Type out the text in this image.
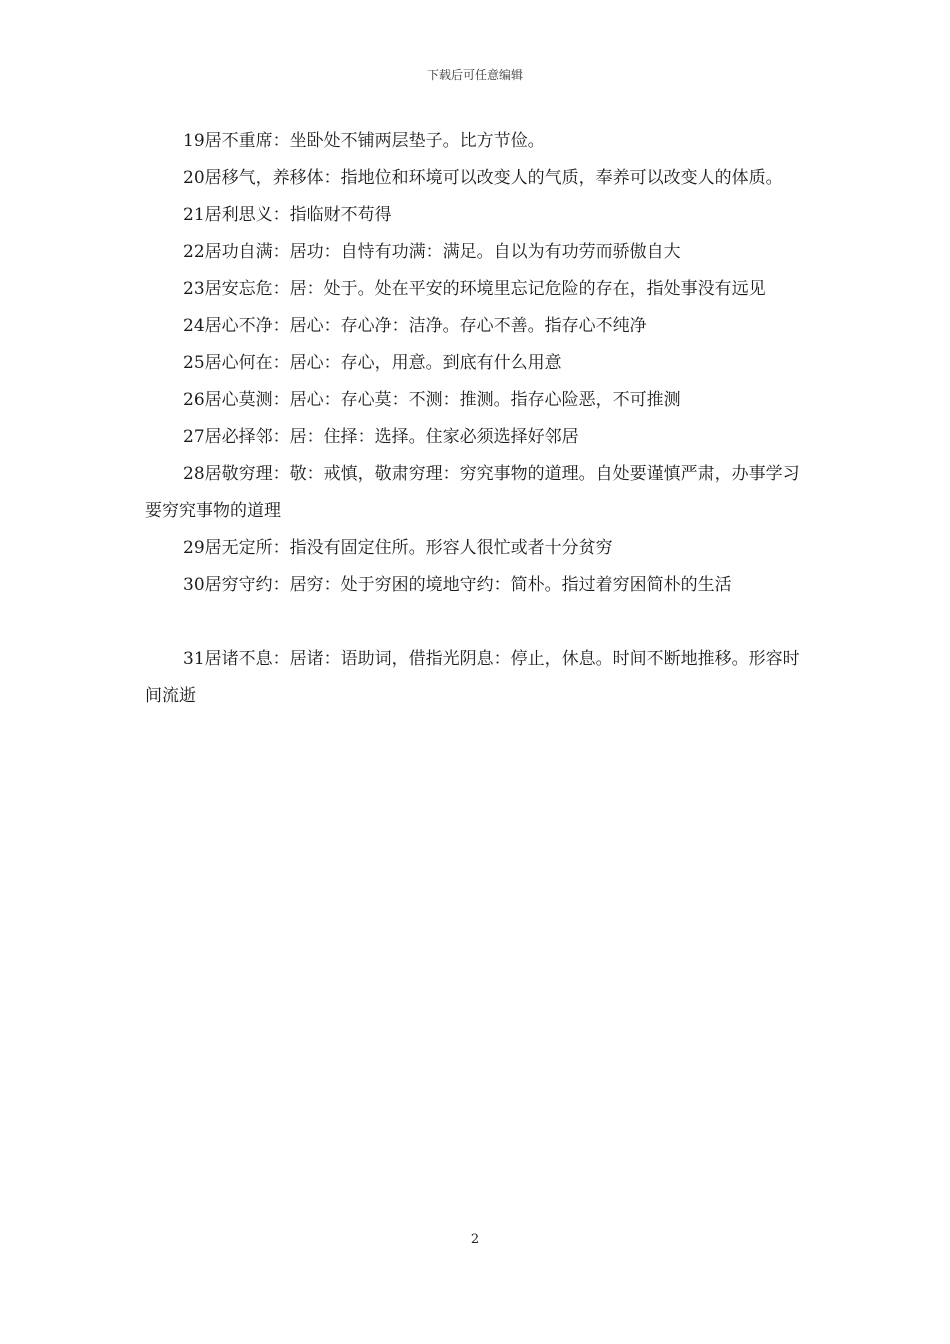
下载后可任意编辑

19居不重席：坐卧处不铺两层垫子。比方节俭。

20居移气，养移体：指地位和环境可以改变人的气质，奉养可以改变人的体质。

21居利思义：指临财不苟得

22居功自满：居功：自恃有功满：满足。自以为有功劳而骄傲自大

23居安忘危：居：处于。处在平安的环境里忘记危险的存在，指处事没有远见

24居心不净：居心：存心净：洁净。存心不善。指存心不纯净

25居心何在：居心：存心，用意。到底有什么用意

26居心莫测：居心：存心莫：不测：推测。指存心险恶，不可推测

27居必择邻：居：住择：选择。住家必须选择好邻居

28居敬穷理：敬：戒慎，敬肃穷理：穷究事物的道理。自处要谨慎严肃，办事学习要穷究事物的道理

29居无定所：指没有固定住所。形容人很忙或者十分贫穷

30居穷守约：居穷：处于穷困的境地守约：简朴。指过着穷困简朴的生活

31居诸不息：居诸：语助词，借指光阴息：停止，休息。时间不断地推移。形容时间流逝

2
